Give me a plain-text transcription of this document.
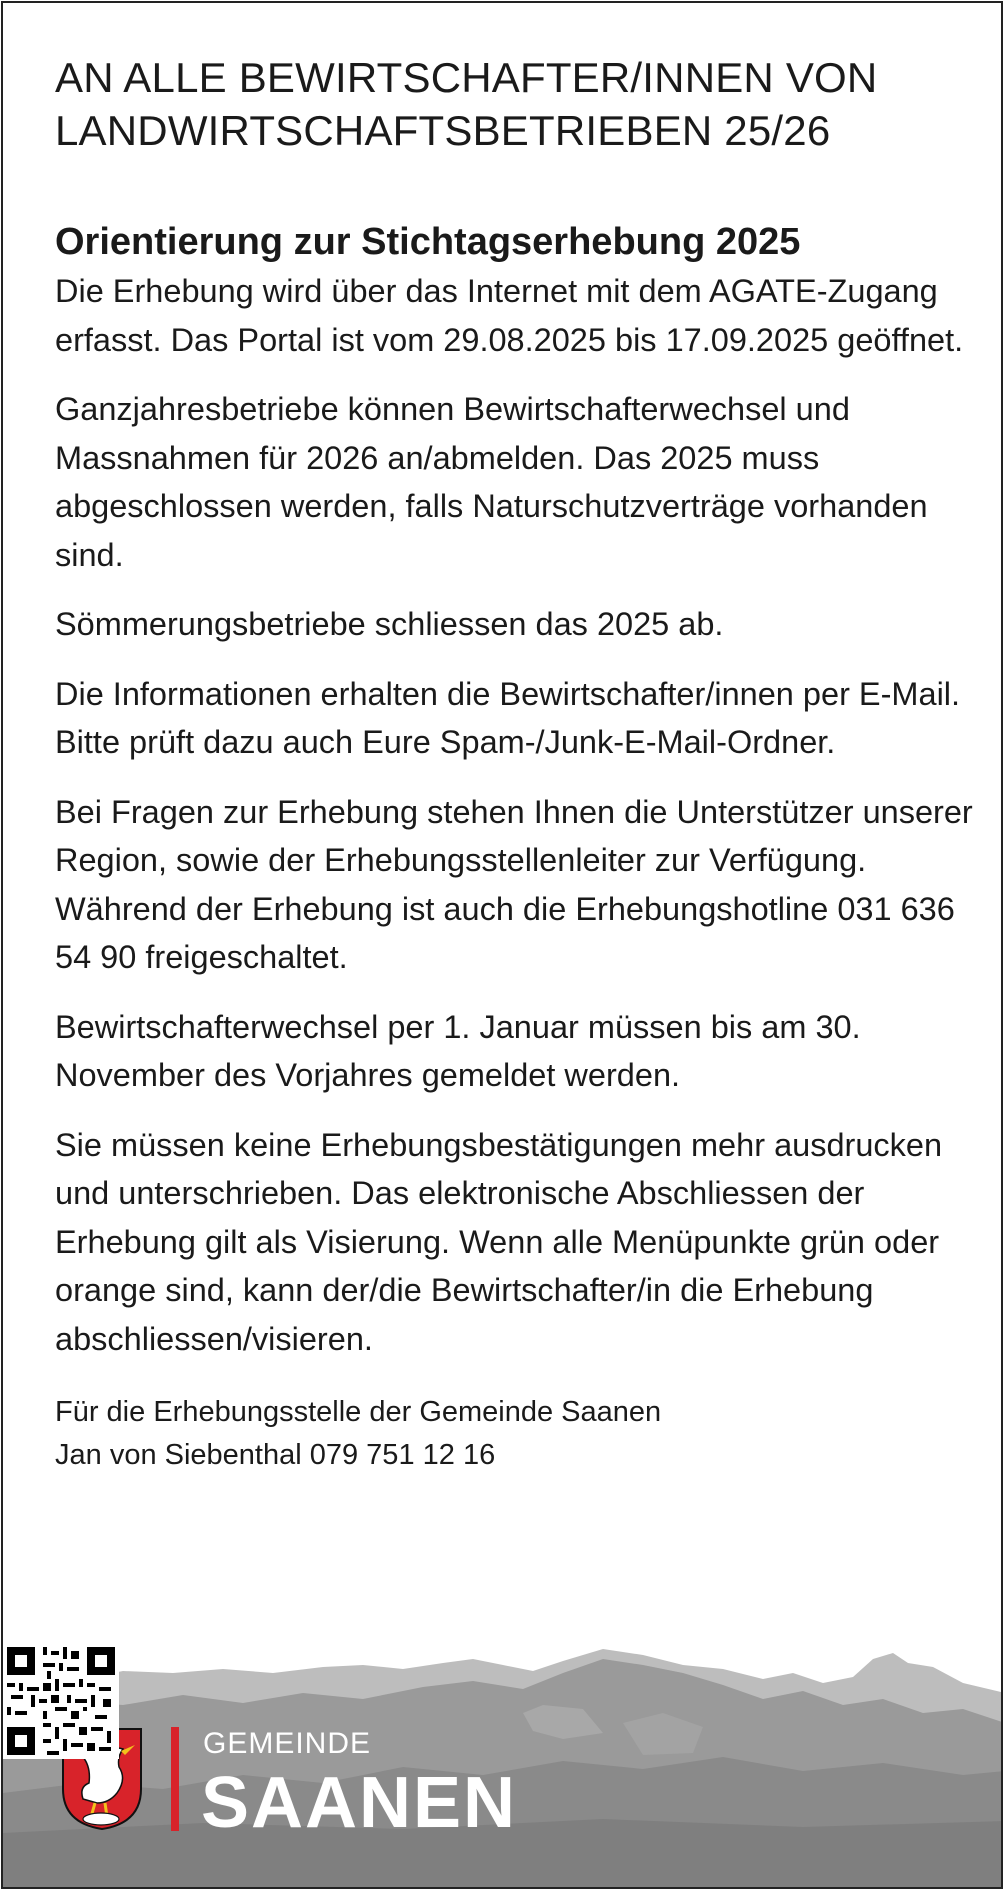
AN ALLE BEWIRTSCHAFTER/INNEN VON
LANDWIRTSCHAFTSBETRIEBEN 25/26
Orientierung zur Stichtagserhebung 2025

Die Erhebung wird über das Internet mit dem AGATE-Zugang erfasst. Das Portal ist vom 29.08.2025 bis 17.09.2025 geöffnet.

Ganzjahresbetriebe können Bewirtschafterwechsel und Massnahmen für 2026 an/abmelden. Das 2025 muss abgeschlossen werden, falls Naturschutzverträge vorhanden sind.

Sömmerungsbetriebe schliessen das 2025 ab.

Die Informationen erhalten die Bewirtschafter/innen per E-Mail. Bitte prüft dazu auch Eure Spam-/Junk-E-Mail-Ordner.

Bei Fragen zur Erhebung stehen Ihnen die Unterstützer unserer Region, sowie der Erhebungsstellenleiter zur Verfügung. Während der Erhebung ist auch die Erhebungshotline 031 636 54 90 freigeschaltet.

Bewirtschafterwechsel per 1. Januar müssen bis am 30. November des Vorjahres gemeldet werden.

Sie müssen keine Erhebungsbestätigungen mehr ausdrucken und unterschrieben. Das elektronische Abschliessen der Erhebung gilt als Visierung. Wenn alle Menüpunkte grün oder orange sind, kann der/die Bewirtschafter/in die Erhebung abschliessen/visieren.

Für die Erhebungsstelle der Gemeinde Saanen
Jan von Siebenthal 079 751 12 16
GEMEINDE
SAANEN
